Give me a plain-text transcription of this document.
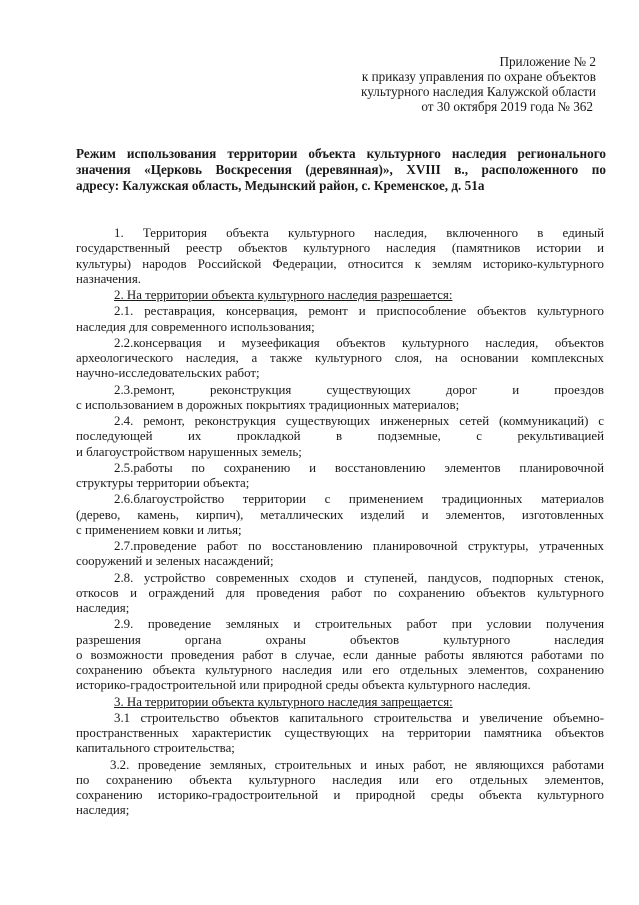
Приложение № 2
к приказу управления по охране объектов
культурного наследия Калужской области
от 30 октября 2019 года № 362
Режим использования территории объекта культурного наследия регионального
значения «Церковь Воскресения (деревянная)», XVIII в., расположенного по
адресу: Калужская область, Медынский район, с. Кременское, д. 51а
1. Территория объекта культурного наследия, включенного в единый
государственный реестр объектов культурного наследия (памятников истории и
культуры) народов Российской Федерации, относится к землям историко-культурного
назначения.
2. На территории объекта культурного наследия разрешается:
2.1. реставрация, консервация, ремонт и приспособление объектов культурного
наследия для современного использования;
2.2.консервация и музеефикация объектов культурного наследия, объектов
археологического наследия, а также культурного слоя, на основании комплексных
научно-исследовательских работ;
2.3.ремонт, реконструкция существующих дорог и проездов
с использованием в дорожных покрытиях традиционных материалов;
2.4. ремонт, реконструкция существующих инженерных сетей (коммуникаций) с
последующей их прокладкой в подземные, с рекультивацией
и благоустройством нарушенных земель;
2.5.работы по сохранению и восстановлению элементов планировочной
структуры территории объекта;
2.6.благоустройство территории с применением традиционных материалов
(дерево, камень, кирпич), металлических изделий и элементов, изготовленных
с применением ковки и литья;
2.7.проведение работ по восстановлению планировочной структуры, утраченных
сооружений и зеленых насаждений;
2.8. устройство современных сходов и ступеней, пандусов, подпорных стенок,
откосов и ограждений для проведения работ по сохранению объектов культурного
наследия;
2.9. проведение земляных и строительных работ при условии получения
разрешения органа охраны объектов культурного наследия
о возможности проведения работ в случае, если данные работы являются работами по
сохранению объекта культурного наследия или его отдельных элементов, сохранению
историко-градостроительной или природной среды объекта культурного наследия.
3. На территории объекта культурного наследия запрещается:
3.1 строительство объектов капитального строительства и увеличение объемно-
пространственных характеристик существующих на территории памятника объектов
капитального строительства;
3.2. проведение земляных, строительных и иных работ, не являющихся работами
по сохранению объекта культурного наследия или его отдельных элементов,
сохранению историко-градостроительной и природной среды объекта культурного
наследия;
